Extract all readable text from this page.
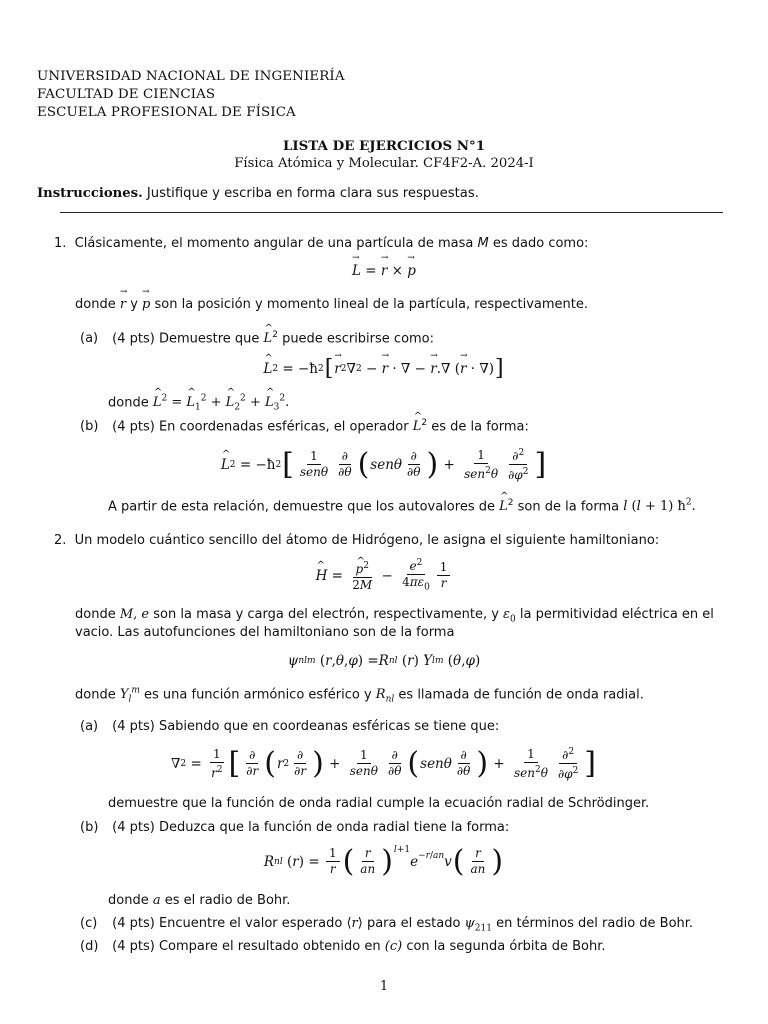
UNIVERSIDAD NACIONAL DE INGENIERÍA
FACULTAD DE CIENCIAS
ESCUELA PROFESIONAL DE FÍSICA
LISTA DE EJERCICIOS N°1
Física Atómica y Molecular. CF4F2-A. 2024-I
Instrucciones. Justifique y escriba en forma clara sus respuestas.
1. Clásicamente, el momento angular de una partícula de masa M es dado como:
→ L = → r × → p
donde → r y → p son la posición y momento lineal de la partícula, respectivamente.
(a) (4 pts) Demuestre que ^ $L^2$ puede escribirse como:
^ L 2 = −ħ 2 [ → r 2 ∇ 2 − → r · ∇ − → r .∇ ( → r · ∇) ]
donde ^ $L^2$ = ^ $L_1^2$ + ^ $L_2^2$ + ^ $L_3^2$.
(b) (4 pts) En coordenadas esféricas, el operador ^ $L^2$ es de la forma:
^ L 2 = −ħ 2 [ $\frac{1}{\text{senθ}} \frac{\partial}{\partial\theta}$ ( senθ $\frac{\partial}{\partial\theta}$ ) + $\frac{1}{sen^2\theta} \frac{\partial^2}{\partial\varphi^2}$ ]
A partir de esta relación, demuestre que los autovalores de ^ $L^2$ son de la forma l (l + 1) $ħ^2$.
2. Un modelo cuántico sencillo del átomo de Hidrógeno, le asigna el siguiente hamiltoniano:
^ H = ^ $\frac{p^2}{2M} - \frac{e^2}{4\pi\varepsilon_0} \frac{1}{r}$
donde M, e son la masa y carga del electrón, respectivamente, y $\varepsilon_0$ la permitividad eléctrica en el
vacio. Las autofunciones del hamiltoniano son de la forma
ψ nlm ( r , θ , φ ) = R nl ( r ) Y l m ( θ , φ )
donde $Y_l^m$ es una función armónico esférico y $R_{nl}$ es llamada de función de onda radial.
(a) (4 pts) Sabiendo que en coordeanas esféricas se tiene que:
∇ $2 = \frac{1}{r^2}$ [ $\frac{\partial}{\partial r}$ ( r $2 \frac{\partial}{\partial r}$ ) + $\frac{1}{\text{senθ}} \frac{\partial}{\partial\theta}$ ( senθ $\frac{\partial}{\partial\theta}$ ) + $\frac{1}{sen^2\theta} \frac{\partial^2}{\partial\varphi^2}$ ]
demuestre que la función de onda radial cumple la ecuación radial de Schrödinger.
(b) (4 pts) Deduzca que la función de onda radial tiene la forma:
R nl ( r ) = $\frac{1}{r}$ ( $\frac{r}{an}$ ) $^{l+1}$
$e^{-r/an}$ v ( $\frac{r}{an}$ )
donde a es el radio de Bohr.
(c) (4 pts) Encuentre el valor esperado ⟨r⟩ para el estado $\psi_{211}$ en términos del radio de Bohr.
(d) (4 pts) Compare el resultado obtenido en (c) con la segunda órbita de Bohr.
1
